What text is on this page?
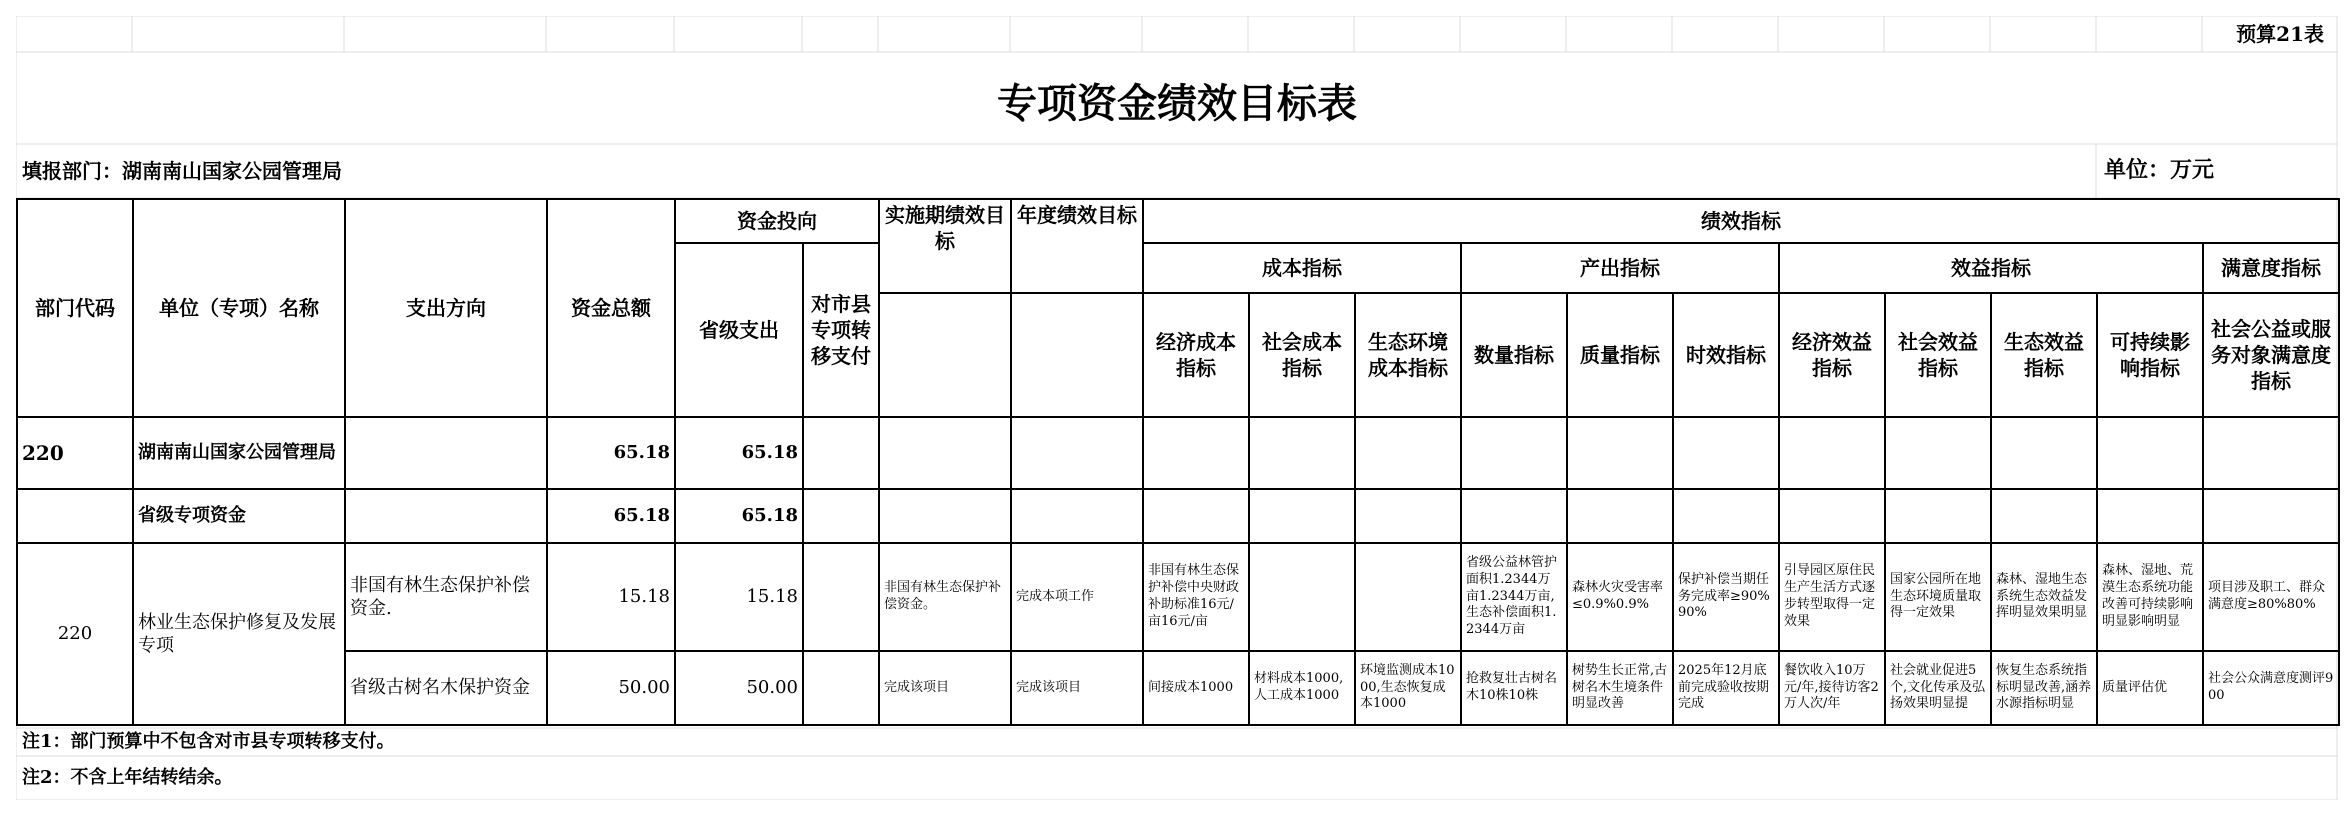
预算21表
专项资金绩效目标表
填报部门：湖南南山国家公园管理局	单位：万元
部门代码	单位（专项）名称	支出方向	资金总额	资金投向		实施期绩效目标	年度绩效目标	绩效指标										
				省级支出	对市县专项转移支付			成本指标			产出指标			效益指标				满意度指标
								经济成本指标	社会成本指标	生态环境成本指标	数量指标	质量指标	时效指标	经济效益指标	社会效益指标	生态效益指标	可持续影响指标	社会公益或服务对象满意度指标

220	湖南南山国家公园管理局		65.18	65.18														
	省级专项资金		65.18	65.18														
220	林业生态保护修复及发展专项	非国有林生态保护补偿资金.	15.18	15.18		非国有林生态保护补偿资金。	完成本项工作	非国有林生态保护补偿中央财政补助标准16元/亩16元/亩			省级公益林管护面积1.2344万亩1.2344万亩,生态补偿面积1.2344万亩	森林火灾受害率≤0.9%0.9%	保护补偿当期任务完成率≥90%90%	引导园区原住民生产生活方式逐步转型取得一定效果	国家公园所在地生态环境质量取得一定效果	森林、湿地生态系统生态效益发挥明显效果明显	森林、湿地、荒漠生态系统功能改善可持续影响明显影响明显	项目涉及职工、群众满意度≥80%80%
		省级古树名木保护资金	50.00	50.00		完成该项目	完成该项目	间接成本1000	材料成本1000,人工成本1000	环境监测成本1000,生态恢复成本1000	抢救复壮古树名木10株10株	树势生长正常,古树名木生境条件明显改善	2025年12月底前完成验收按期完成	餐饮收入10万元/年,接待访客2万人次/年	社会就业促进5个,文化传承及弘扬效果明显提	恢复生态系统指标明显改善,涵养水源指标明显	质量评估优	社会公众满意度测评900
注1：部门预算中不包含对市县专项转移支付。
注2：不含上年结转结余。
